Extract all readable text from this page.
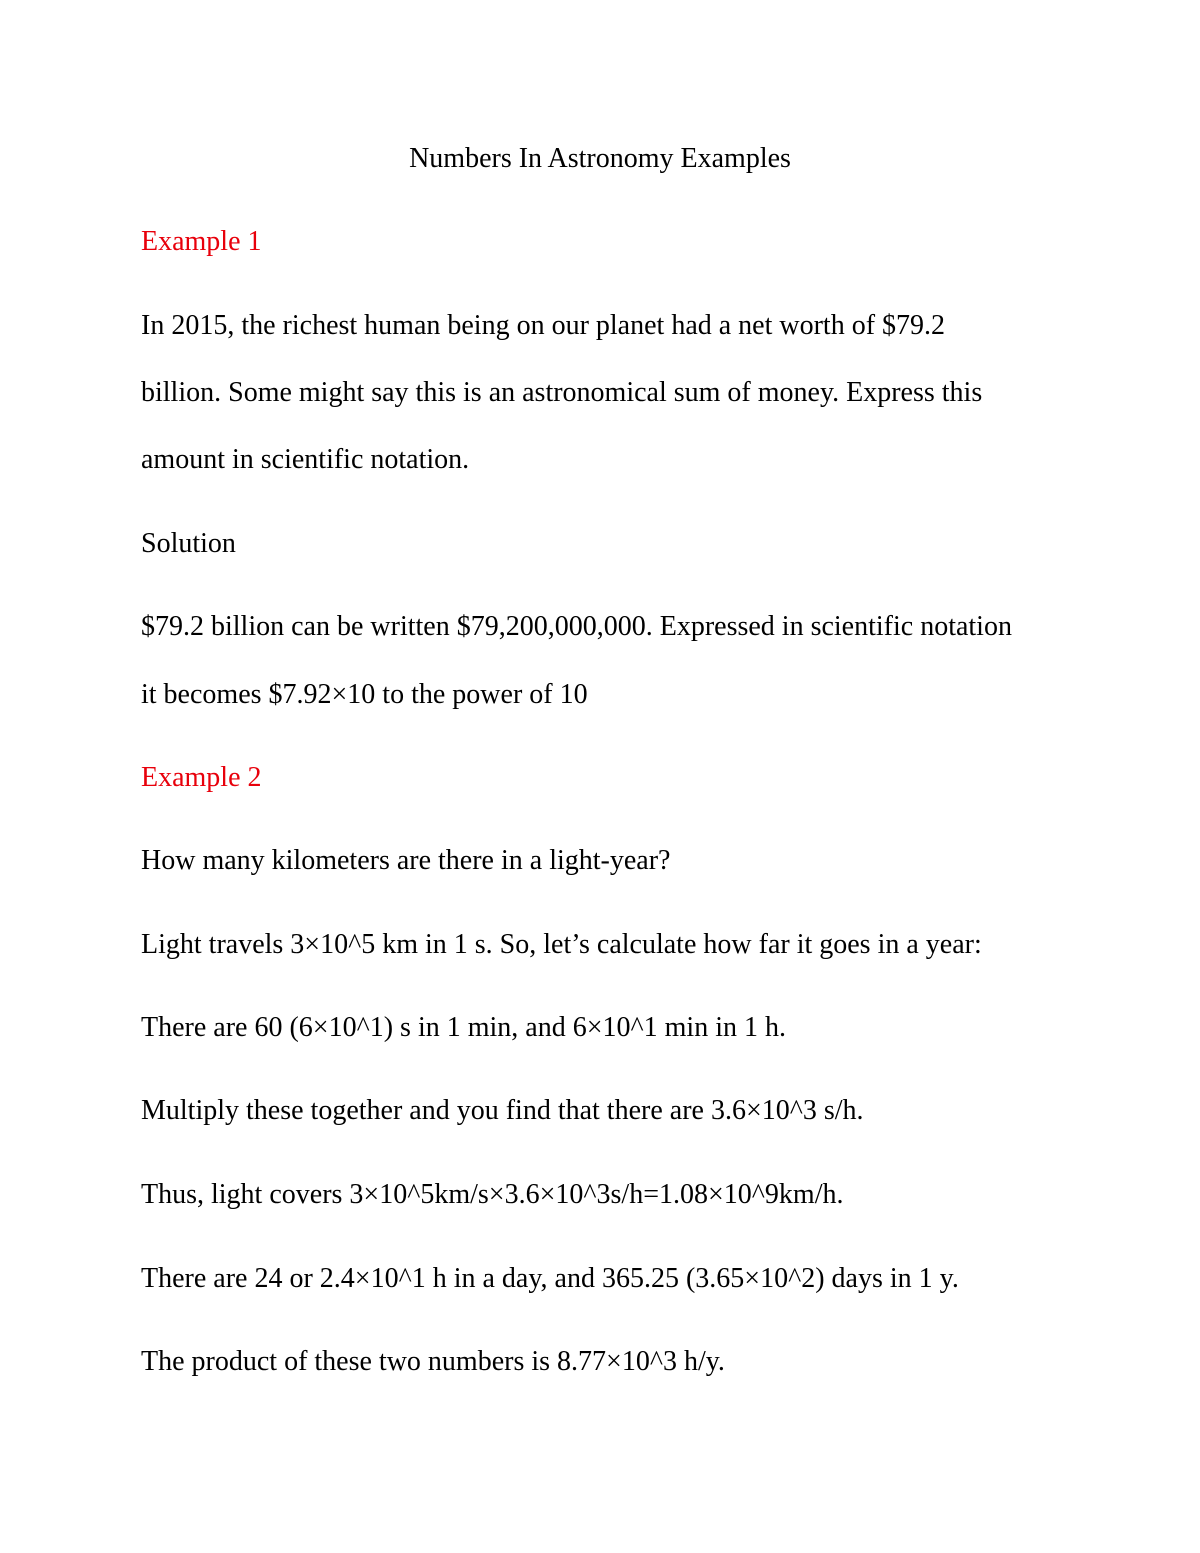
Numbers In Astronomy Examples
Example 1
In 2015, the richest human being on our planet had a net worth of $79.2
billion. Some might say this is an astronomical sum of money. Express this
amount in scientific notation.
Solution
$79.2 billion can be written $79,200,000,000. Expressed in scientific notation
it becomes $7.92×10 to the power of 10
Example 2
How many kilometers are there in a light-year?
Light travels 3×10^5 km in 1 s. So, let’s calculate how far it goes in a year:
There are 60 (6×10^1) s in 1 min, and 6×10^1 min in 1 h.
Multiply these together and you find that there are 3.6×10^3 s/h.
Thus, light covers 3×10^5km/s×3.6×10^3s/h=1.08×10^9km/h.
There are 24 or 2.4×10^1 h in a day, and 365.25 (3.65×10^2) days in 1 y.
The product of these two numbers is 8.77×10^3 h/y.
